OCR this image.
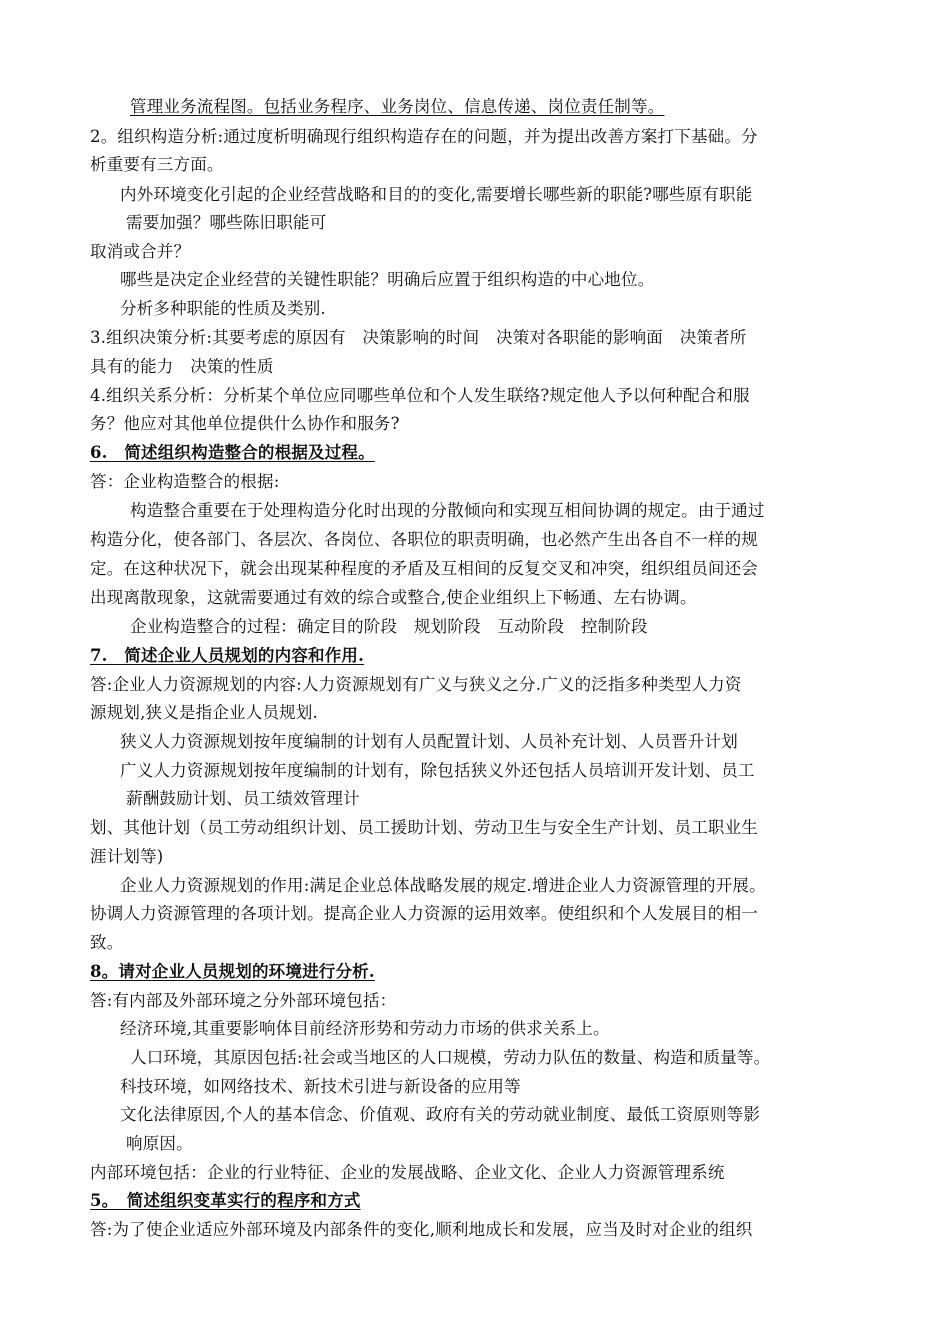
管理业务流程图。包括业务程序、业务岗位、信息传递、岗位责任制等。
2。组织构造分析:通过度析明确现行组织构造存在的问题，并为提出改善方案打下基础。分
析重要有三方面。
内外环境变化引起的企业经营战略和目的的变化,需要增长哪些新的职能?哪些原有职能
需要加强？哪些陈旧职能可
取消或合并？
哪些是决定企业经营的关键性职能？明确后应置于组织构造的中心地位。
分析多种职能的性质及类别.
3.组织决策分析:其要考虑的原因有　决策影响的时间　决策对各职能的影响面　决策者所
具有的能力　决策的性质
4.组织关系分析：分析某个单位应同哪些单位和个人发生联络?规定他人予以何种配合和服
务？他应对其他单位提供什么协作和服务?
6.　简述组织构造整合的根据及过程。
答：企业构造整合的根据:
构造整合重要在于处理构造分化时出现的分散倾向和实现互相间协调的规定。由于通过
构造分化，使各部门、各层次、各岗位、各职位的职责明确，也必然产生出各自不一样的规
定。在这种状况下，就会出现某种程度的矛盾及互相间的反复交叉和冲突，组织组员间还会
出现离散现象，这就需要通过有效的综合或整合,使企业组织上下畅通、左右协调。
企业构造整合的过程：确定目的阶段　规划阶段　互动阶段　控制阶段
7.　简述企业人员规划的内容和作用.
答:企业人力资源规划的内容:人力资源规划有广义与狭义之分.广义的泛指多种类型人力资
源规划,狭义是指企业人员规划.
狭义人力资源规划按年度编制的计划有人员配置计划、人员补充计划、人员晋升计划
广义人力资源规划按年度编制的计划有，除包括狭义外还包括人员培训开发计划、员工
薪酬鼓励计划、员工绩效管理计
划、其他计划（员工劳动组织计划、员工援助计划、劳动卫生与安全生产计划、员工职业生
涯计划等)
企业人力资源规划的作用:满足企业总体战略发展的规定.增进企业人力资源管理的开展。
协调人力资源管理的各项计划。提高企业人力资源的运用效率。使组织和个人发展目的相一
致。
8。请对企业人员规划的环境进行分析.
答:有内部及外部环境之分外部环境包括：
经济环境,其重要影响体目前经济形势和劳动力市场的供求关系上。
人口环境，其原因包括:社会或当地区的人口规模，劳动力队伍的数量、构造和质量等。
科技环境，如网络技术、新技术引进与新设备的应用等
文化法律原因,个人的基本信念、价值观、政府有关的劳动就业制度、最低工资原则等影
响原因。
内部环境包括：企业的行业特征、企业的发展战略、企业文化、企业人力资源管理系统
5。　简述组织变革实行的程序和方式
答:为了使企业适应外部环境及内部条件的变化,顺利地成长和发展，应当及时对企业的组织
